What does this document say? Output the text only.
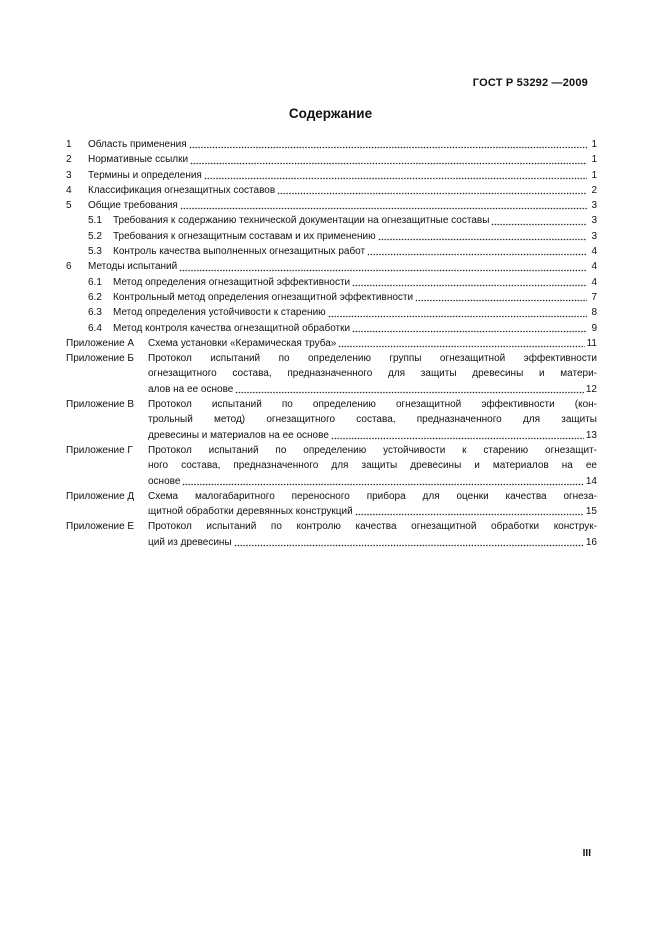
ГОСТ Р 53292 —2009
Содержание
1	Область применения	1
2	Нормативные ссылки	1
3	Термины и определения	1
4	Классификация огнезащитных составов	2
5	Общие требования	3
5.1	Требования к содержанию технической документации на огнезащитные составы	3
5.2	Требования к огнезащитным составам и их применению	3
5.3	Контроль качества выполненных огнезащитных работ	4
6	Методы испытаний	4
6.1	Метод определения огнезащитной эффективности	4
6.2	Контрольный метод определения огнезащитной эффективности	7
6.3	Метод определения устойчивости к старению	8
6.4	Метод контроля качества огнезащитной обработки	9
Приложение А	Схема установки «Керамическая труба»	11
Приложение Б	Протокол испытаний по определению группы огнезащитной эффективности
огнезащитного состава, предназначенного для защиты древесины и матери-
алов на ее основе	12
Приложение В	Протокол испытаний по определению огнезащитной эффективности (кон-
трольный метод) огнезащитного состава, предназначенного для защиты
древесины и материалов на ее основе	13
Приложение Г	Протокол испытаний по определению устойчивости к старению огнезащит-
ного состава, предназначенного для защиты древесины и материалов на ее
основе	14
Приложение Д	Схема малогабаритного переносного прибора для оценки качества огнеза-
щитной обработки деревянных конструкций	15
Приложение Е	Протокол испытаний по контролю качества огнезащитной обработки конструк-
ций из древесины	16
III
